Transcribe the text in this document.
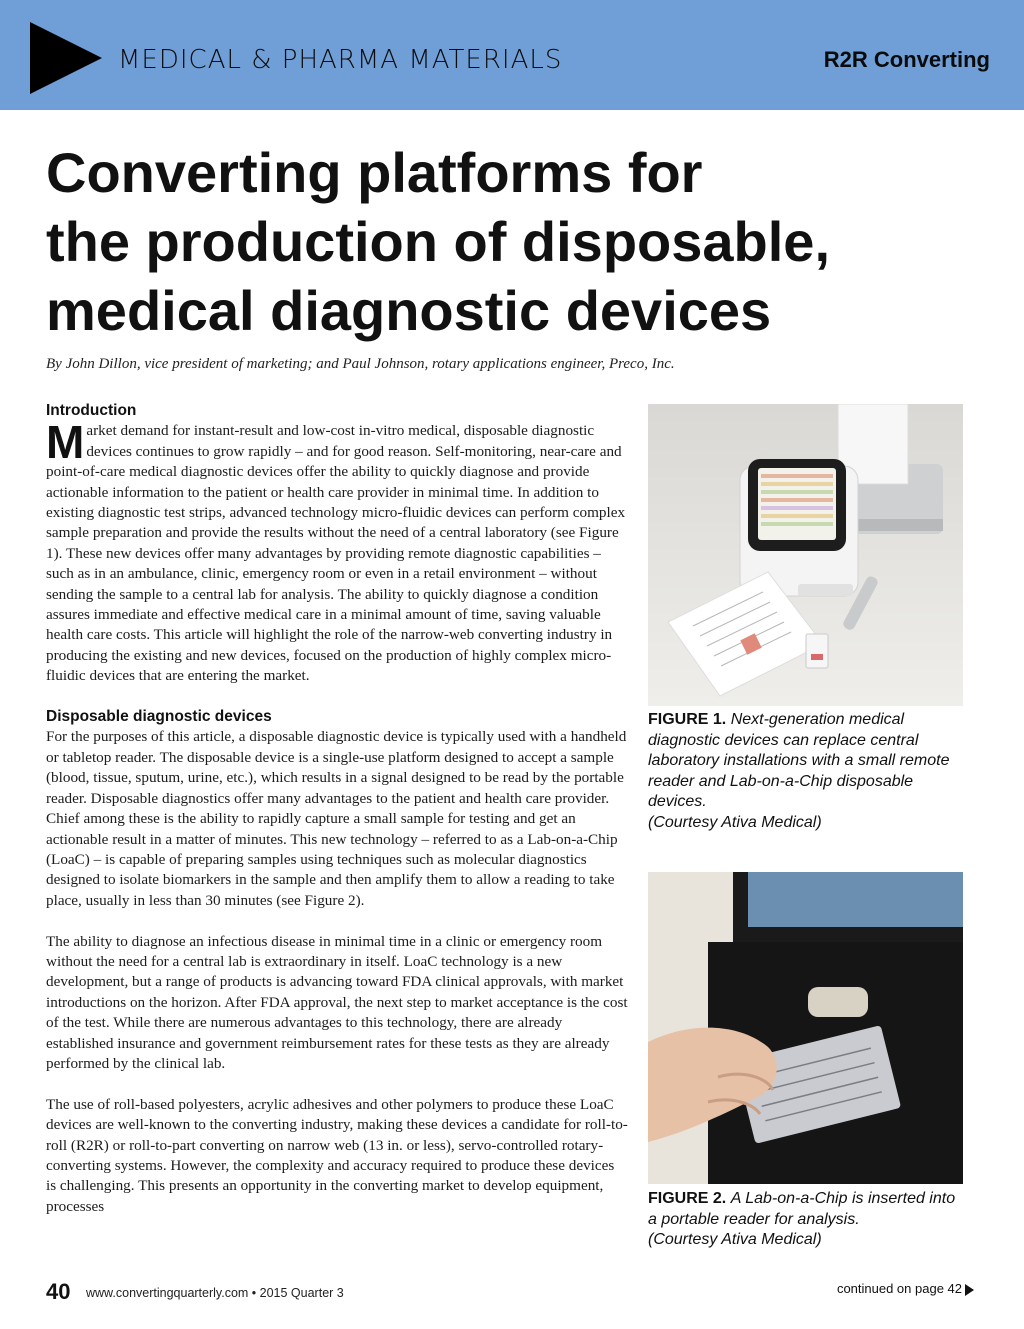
MEDICAL & PHARMA MATERIALS	R2R Converting
Converting platforms for
the production of disposable,
medical diagnostic devices
By John Dillon, vice president of marketing; and Paul Johnson, rotary applications engineer, Preco, Inc.

Introduction

Market demand for instant-result and low-cost in-vitro medical, disposable diagnostic devices continues to grow rapidly – and for good reason. Self-monitoring, near-care and point-of-care medical diagnostic devices offer the ability to quickly diagnose and provide actionable information to the patient or health care provider in minimal time. In addition to existing diagnostic test strips, advanced technology micro-fluidic devices can perform complex sample preparation and provide the results without the need of a central laboratory (see Figure 1). These new devices offer many advantages by providing remote diagnostic capabilities – such as in an ambulance, clinic, emergency room or even in a retail environment – without sending the sample to a central lab for analysis. The ability to quickly diagnose a condition assures immediate and effective medical care in a minimal amount of time, saving valuable health care costs. This article will highlight the role of the narrow-web converting industry in producing the existing and new devices, focused on the production of highly complex micro-fluidic devices that are entering the market.

Disposable diagnostic devices

For the purposes of this article, a disposable diagnostic device is typically used with a handheld or tabletop reader. The disposable device is a single-use platform designed to accept a sample (blood, tissue, sputum, urine, etc.), which results in a signal designed to be read by the portable reader. Disposable diagnostics offer many advantages to the patient and health care provider. Chief among these is the ability to rapidly capture a small sample for testing and get an actionable result in a matter of minutes. This new technology – referred to as a Lab-on-a-Chip (LoaC) – is capable of preparing samples using techniques such as molecular diagnostics designed to isolate biomarkers in the sample and then amplify them to allow a reading to take place, usually in less than 30 minutes (see Figure 2).

The ability to diagnose an infectious disease in minimal time in a clinic or emergency room without the need for a central lab is extraordinary in itself. LoaC technology is a new development, but a range of products is advancing toward FDA clinical approvals, with market introductions on the horizon. After FDA approval, the next step to market acceptance is the cost of the test. While there are numerous advantages to this technology, there are already established insurance and government reimbursement rates for these tests as they are already performed by the clinical lab.

The use of roll-based polyesters, acrylic adhesives and other polymers to produce these LoaC devices are well-known to the converting industry, making these devices a candidate for roll-to-roll (R2R) or roll-to-part converting on narrow web (13 in. or less), servo-controlled rotary-converting systems. However, the complexity and accuracy required to produce these devices is challenging. This presents an opportunity in the converting market to develop equipment, processes

FIGURE 1. Next-generation medical diagnostic devices can replace central laboratory installations with a small remote reader and Lab-on-a-Chip disposable devices.
(Courtesy Ativa Medical)
FIGURE 2. A Lab-on-a-Chip is inserted into a portable reader for analysis.
(Courtesy Ativa Medical)
40 www.convertingquarterly.com • 2015 Quarter 3	continued on page 42
